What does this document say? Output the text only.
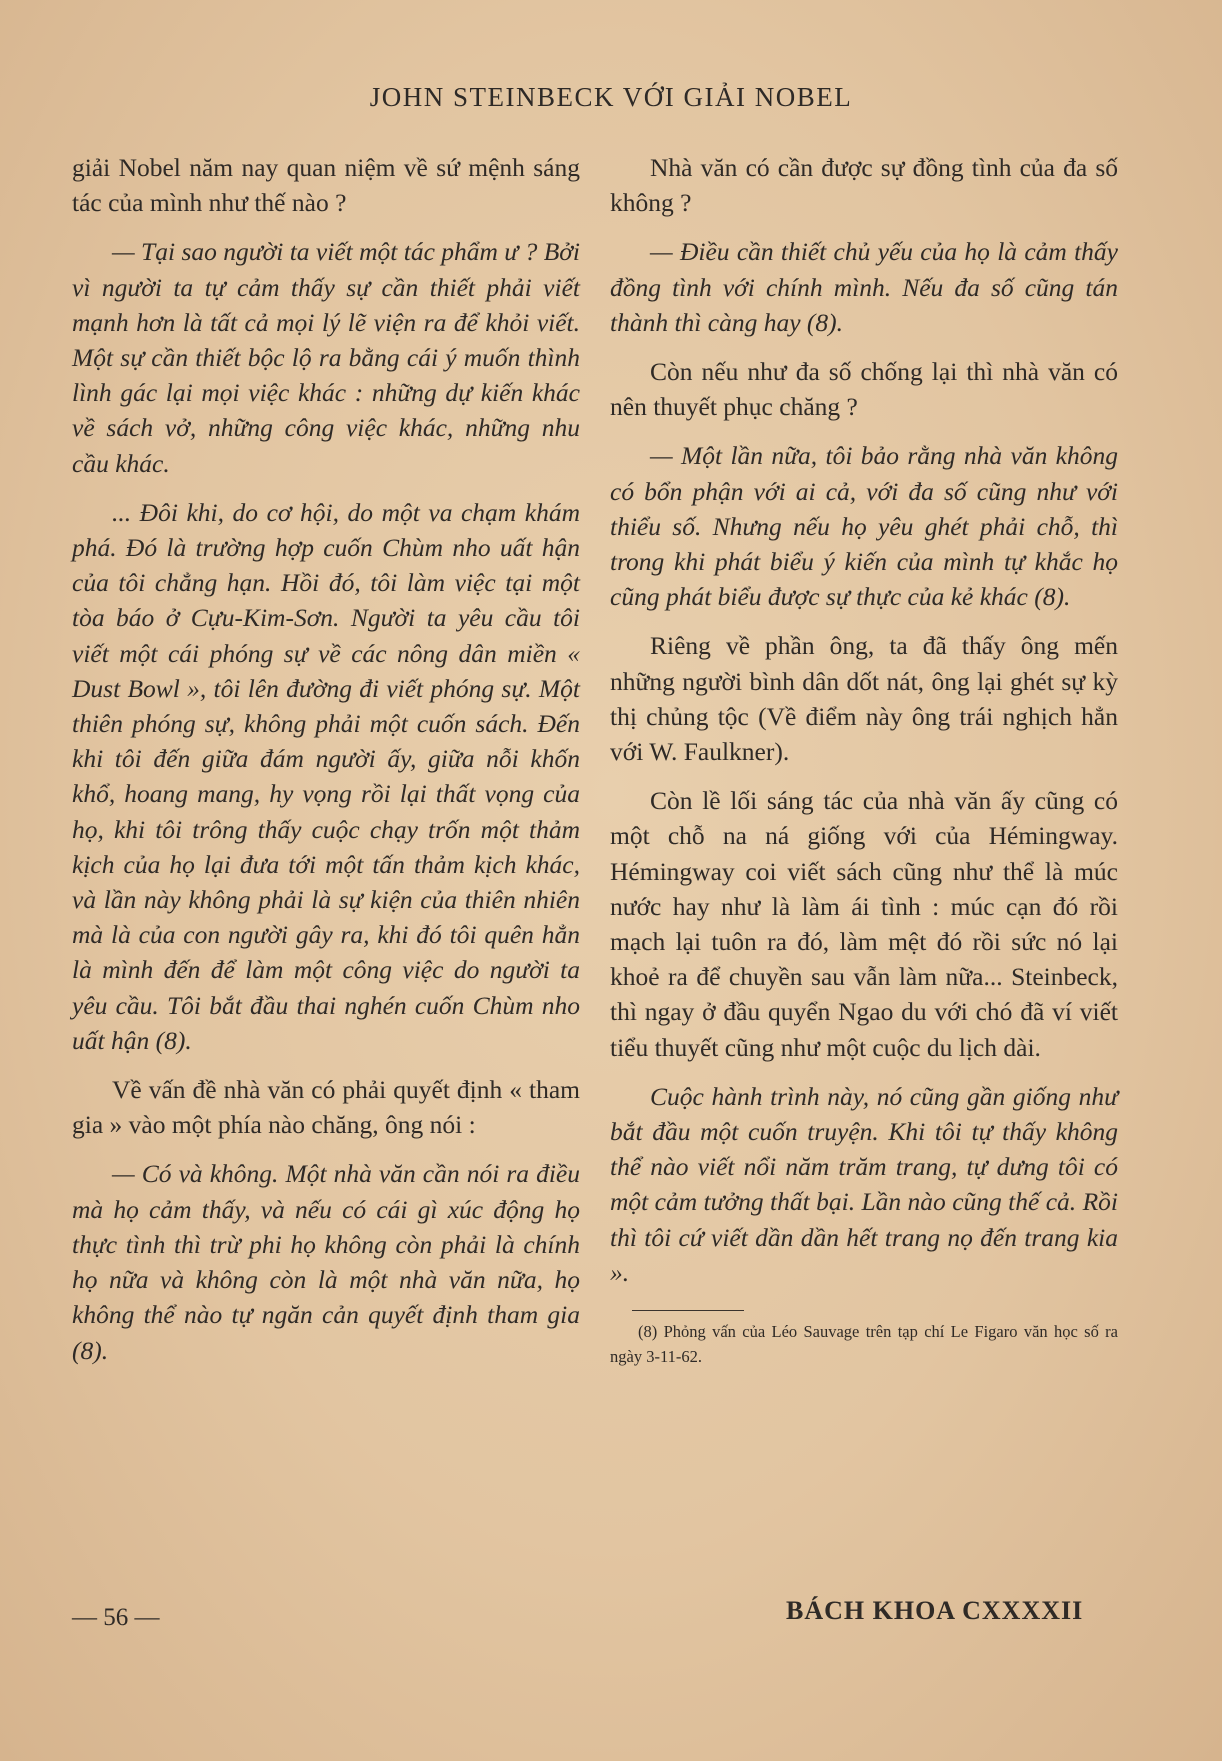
JOHN STEINBECK VỚI GIẢI NOBEL

giải Nobel năm nay quan niệm về sứ mệnh sáng tác của mình như thế nào ?

— Tại sao người ta viết một tác phẩm ư ? Bởi vì người ta tự cảm thấy sự cần thiết phải viết mạnh hơn là tất cả mọi lý lẽ viện ra để khỏi viết. Một sự cần thiết bộc lộ ra bằng cái ý muốn thình lình gác lại mọi việc khác : những dự kiến khác về sách vở, những công việc khác, những nhu cầu khác.

... Đôi khi, do cơ hội, do một va chạm khám phá. Đó là trường hợp cuốn Chùm nho uất hận của tôi chẳng hạn. Hồi đó, tôi làm việc tại một tòa báo ở Cựu-Kim-Sơn. Người ta yêu cầu tôi viết một cái phóng sự về các nông dân miền « Dust Bowl », tôi lên đường đi viết phóng sự. Một thiên phóng sự, không phải một cuốn sách. Đến khi tôi đến giữa đám người ấy, giữa nỗi khốn khổ, hoang mang, hy vọng rồi lại thất vọng của họ, khi tôi trông thấy cuộc chạy trốn một thảm kịch của họ lại đưa tới một tấn thảm kịch khác, và lần này không phải là sự kiện của thiên nhiên mà là của con người gây ra, khi đó tôi quên hẳn là mình đến để làm một công việc do người ta yêu cầu. Tôi bắt đầu thai nghén cuốn Chùm nho uất hận (8).

Về vấn đề nhà văn có phải quyết định « tham gia » vào một phía nào chăng, ông nói :

— Có và không. Một nhà văn cần nói ra điều mà họ cảm thấy, và nếu có cái gì xúc động họ thực tình thì trừ phi họ không còn phải là chính họ nữa và không còn là một nhà văn nữa, họ không thể nào tự ngăn cản quyết định tham gia (8).

Nhà văn có cần được sự đồng tình của đa số không ?

— Điều cần thiết chủ yếu của họ là cảm thấy đồng tình với chính mình. Nếu đa số cũng tán thành thì càng hay (8).

Còn nếu như đa số chống lại thì nhà văn có nên thuyết phục chăng ?

— Một lần nữa, tôi bảo rằng nhà văn không có bổn phận với ai cả, với đa số cũng như với thiểu số. Nhưng nếu họ yêu ghét phải chỗ, thì trong khi phát biểu ý kiến của mình tự khắc họ cũng phát biểu được sự thực của kẻ khác (8).

Riêng về phần ông, ta đã thấy ông mến những người bình dân dốt nát, ông lại ghét sự kỳ thị chủng tộc (Về điểm này ông trái nghịch hẳn với W. Faulkner).

Còn lề lối sáng tác của nhà văn ấy cũng có một chỗ na ná giống với của Hémingway. Hémingway coi viết sách cũng như thể là múc nước hay như là làm ái tình : múc cạn đó rồi mạch lại tuôn ra đó, làm mệt đó rồi sức nó lại khoẻ ra để chuyền sau vẫn làm nữa... Steinbeck, thì ngay ở đầu quyển Ngao du với chó đã ví viết tiểu thuyết cũng như một cuộc du lịch dài.

Cuộc hành trình này, nó cũng gần giống như bắt đầu một cuốn truyện. Khi tôi tự thấy không thể nào viết nổi năm trăm trang, tự dưng tôi có một cảm tưởng thất bại. Lần nào cũng thế cả. Rồi thì tôi cứ viết dần dần hết trang nọ đến trang kia ».

(8) Phỏng vấn của Léo Sauvage trên tạp chí Le Figaro văn học số ra ngày 3-11-62.

— 56 —	BÁCH KHOA CXXXXII
